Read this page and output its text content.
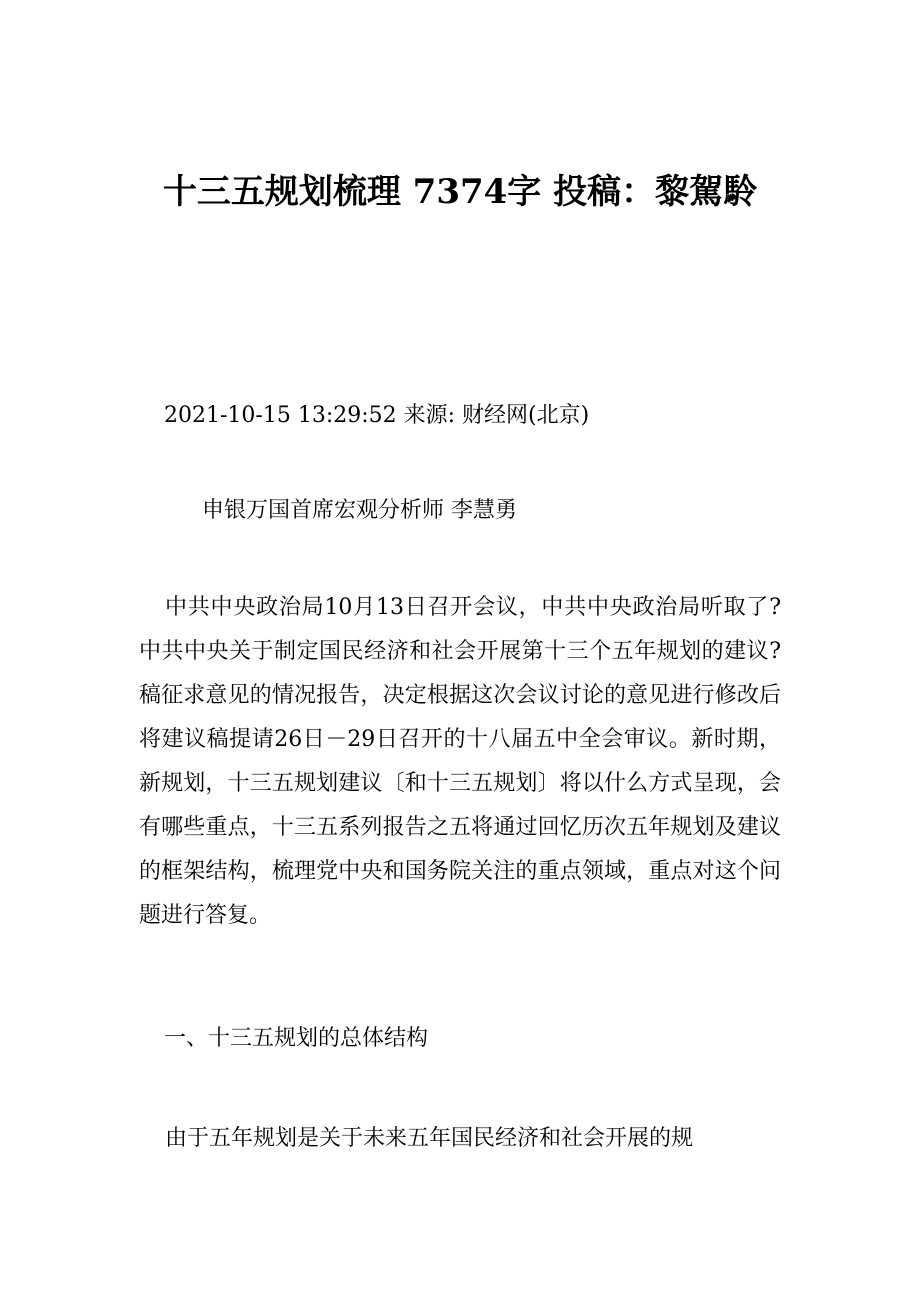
十三五规划梳理 7374字 投稿：黎駕駖
2021-10-15 13:29:52 来源: 财经网(北京)
申银万国首席宏观分析师 李慧勇
中共中央政治局10月13日召开会议，中共中央政治局听取了?中共中央关于制定国民经济和社会开展第十三个五年规划的建议?稿征求意见的情况报告，决定根据这次会议讨论的意见进行修改后将建议稿提请26日－29日召开的十八届五中全会审议。新时期，新规划，十三五规划建议〔和十三五规划〕将以什么方式呈现，会有哪些重点，十三五系列报告之五将通过回忆历次五年规划及建议的框架结构，梳理党中央和国务院关注的重点领域，重点对这个问题进行答复。
一、十三五规划的总体结构
由于五年规划是关于未来五年国民经济和社会开展的规
